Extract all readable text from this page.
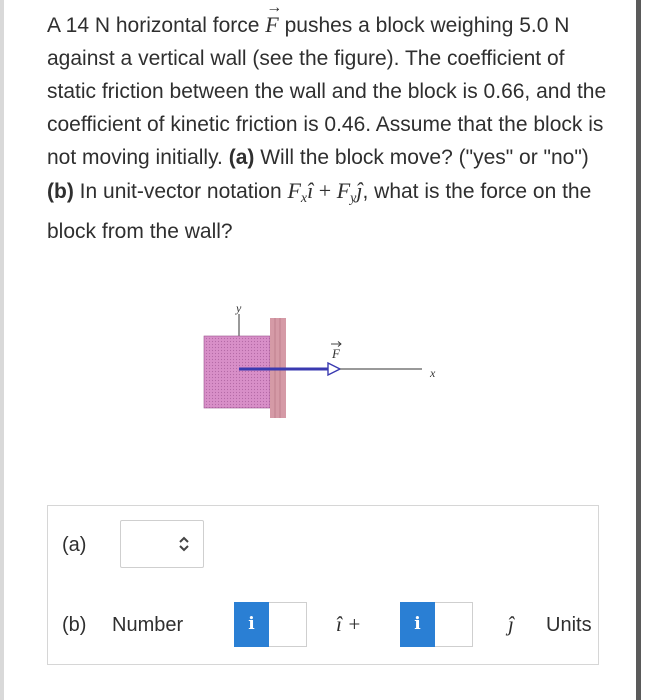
A 14 N horizontal force
→
F pushes a block weighing 5.0 N against a vertical wall (see the figure). The coefficient of static friction between the wall and the block is 0.66, and the coefficient of kinetic friction is 0.46. Assume that the block is not moving initially. (a) Will the block move? ("yes" or "no") (b) In unit-vector notation $F_xî$ + $F_yĵ$, what is the force on the block from the wall?
y
x
F
(a)
(b) Number	i	î +	i	ĵ Units
